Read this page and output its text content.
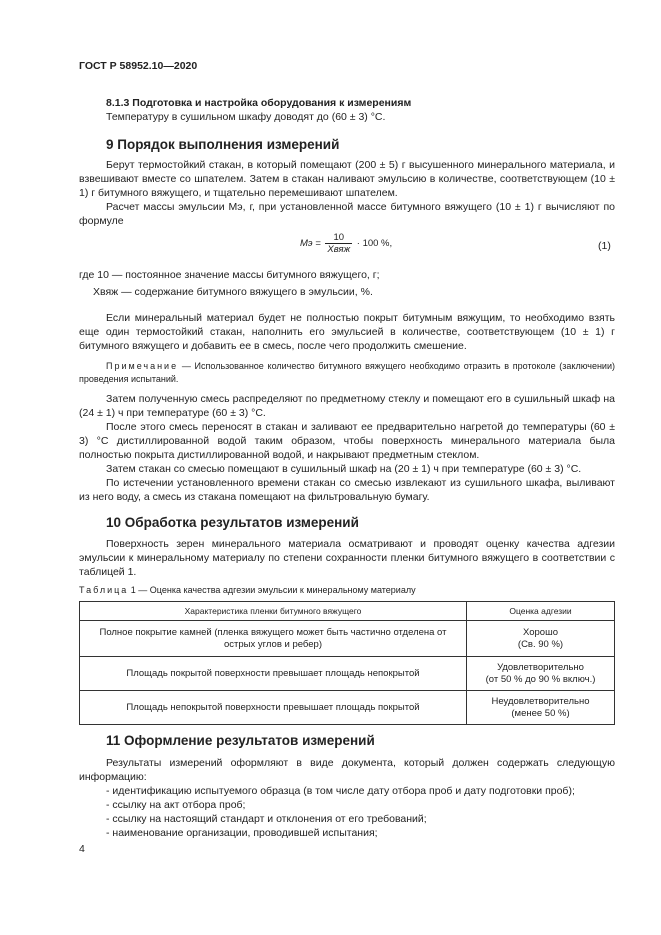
ГОСТ Р 58952.10—2020

8.1.3 Подготовка и настройка оборудования к измерениям

Температуру в сушильном шкафу доводят до (60 ± 3) °С.

9 Порядок выполнения измерений

Берут термостойкий стакан, в который помещают (200 ± 5) г высушенного минерального материала, и взвешивают вместе со шпателем. Затем в стакан наливают эмульсию в количестве, соответствующем (10 ± 1) г битумного вяжущего, и тщательно перемешивают шпателем.

Расчет массы эмульсии Mэ, г, при установленной массе битумного вяжущего (10 ± 1) г вычисляют по формуле

Mэ = $\frac{10}{\text{Xвяж}} \cdot 100$ %,	(1)

где 10 — постоянное значение массы битумного вяжущего, г;

Xвяж — содержание битумного вяжущего в эмульсии, %.

Если минеральный материал будет не полностью покрыт битумным вяжущим, то необходимо взять еще один термостойкий стакан, наполнить его эмульсией в количестве, соответствующем (10 ± 1) г битумного вяжущего и добавить ее в смесь, после чего продолжить смешение.

Примечание — Использованное количество битумного вяжущего необходимо отразить в протоколе (заключении) проведения испытаний.

Затем полученную смесь распределяют по предметному стеклу и помещают его в сушильный шкаф на (24 ± 1) ч при температуре (60 ± 3) °С.

После этого смесь переносят в стакан и заливают ее предварительно нагретой до температуры (60 ± 3) °С дистиллированной водой таким образом, чтобы поверхность минерального материала была полностью покрыта дистиллированной водой, и накрывают предметным стеклом.

Затем стакан со смесью помещают в сушильный шкаф на (20 ± 1) ч при температуре (60 ± 3) °С.

По истечении установленного времени стакан со смесью извлекают из сушильного шкафа, выливают из него воду, а смесь из стакана помещают на фильтровальную бумагу.

10 Обработка результатов измерений

Поверхность зерен минерального материала осматривают и проводят оценку качества адгезии эмульсии к минеральному материалу по степени сохранности пленки битумного вяжущего в соответствии с таблицей 1.

Таблица 1 — Оценка качества адгезии эмульсии к минеральному материалу
Характеристика пленки битумного вяжущего	Оценка адгезии
Полное покрытие камней (пленка вяжущего может быть частично отделена от острых углов и ребер)	Хорошо
(Св. 90 %)

Площадь покрытой поверхности превышает площадь непокрытой	Удовлетворительно
(от 50 % до 90 % включ.)

Площадь непокрытой поверхности превышает площадь покрытой	Неудовлетворительно
(менее 50 %)
11 Оформление результатов измерений

Результаты измерений оформляют в виде документа, который должен содержать следующую информацию:

- идентификацию испытуемого образца (в том числе дату отбора проб и дату подготовки проб);
- ссылку на акт отбора проб;
- ссылку на настоящий стандарт и отклонения от его требований;
- наименование организации, проводившей испытания;
4
